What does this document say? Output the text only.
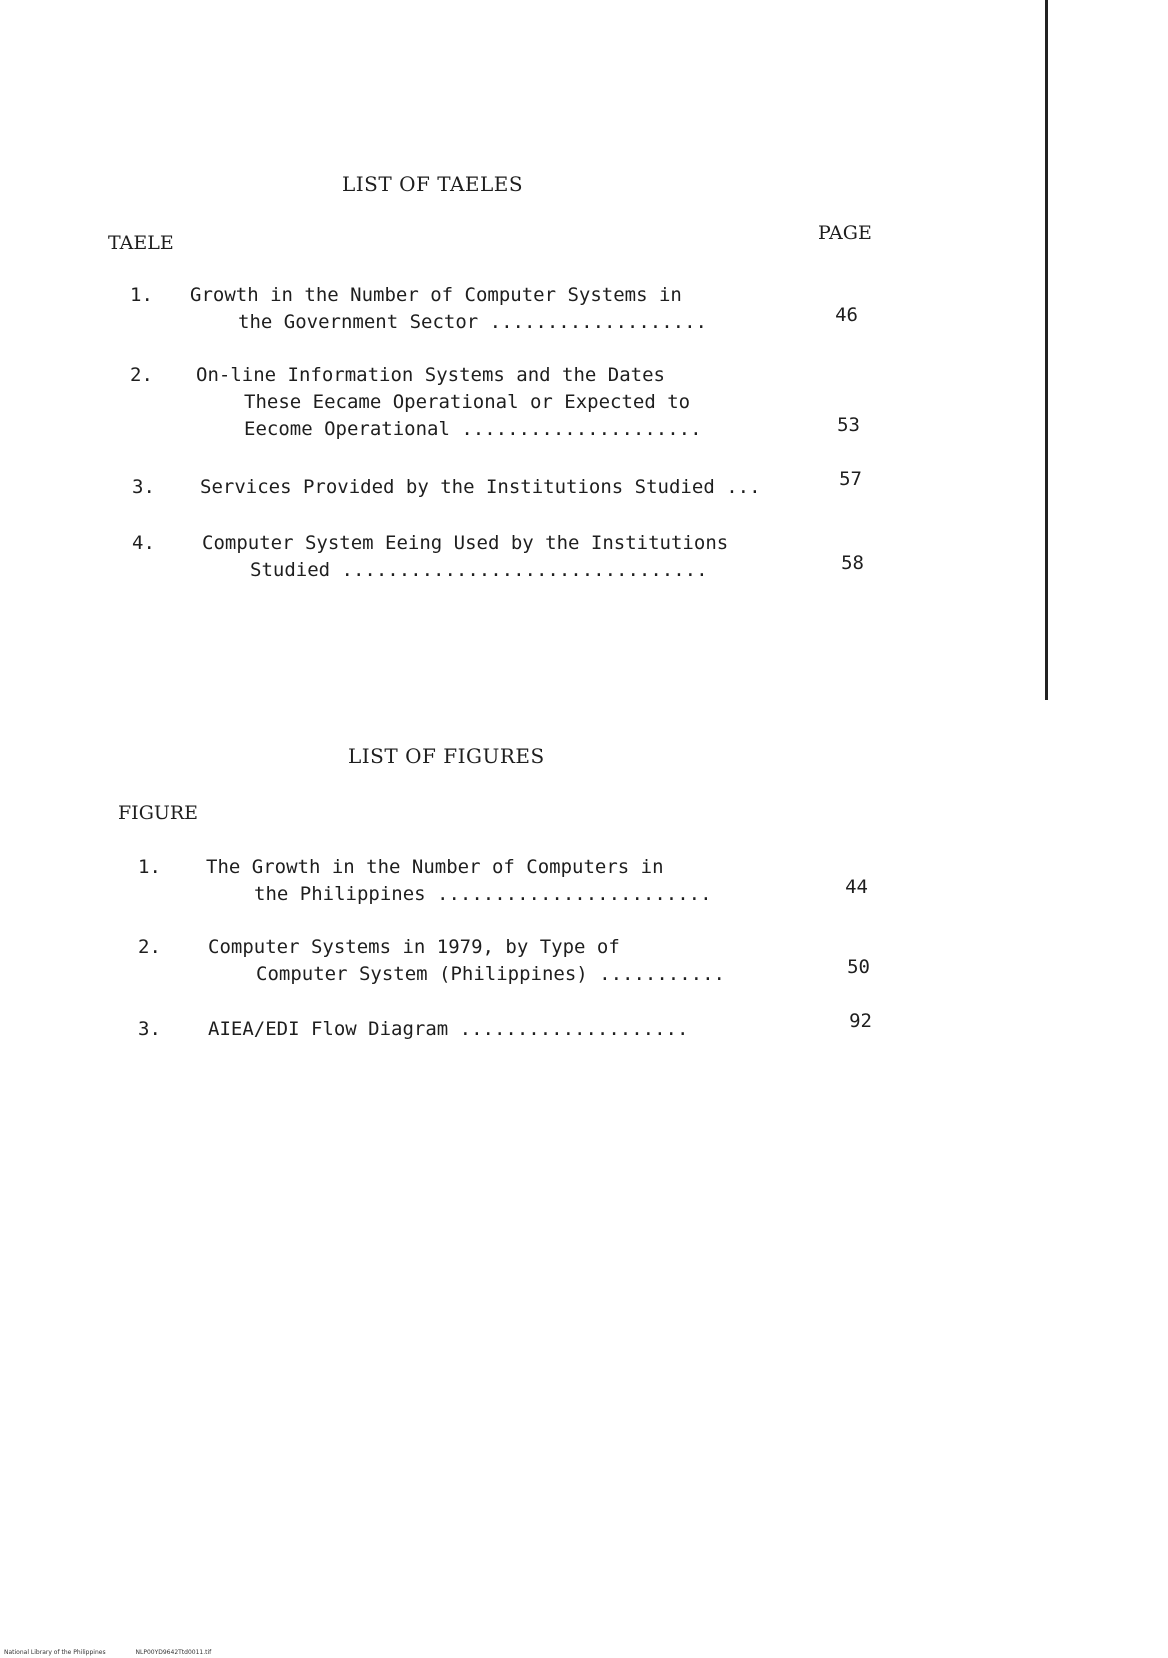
LIST OF TAELES
TAELE	PAGE
1. Growth in the Number of Computer Systems in
the Government Sector ...................	46
2. On-line Information Systems and the Dates
These Eecame Operational or Expected to
Eecome Operational .....................	53
3. Services Provided by the Institutions Studied ...	57
4. Computer System Eeing Used by the Institutions
Studied ................................	58
LIST OF FIGURES
FIGURE
1. The Growth in the Number of Computers in
the Philippines ........................	44
2. Computer Systems in 1979, by Type of
Computer System (Philippines) ...........	50
3. AIEA/EDI Flow Diagram ....................	92
National Library of the Philippines	NLP00YD9642Ttd0011.tif
